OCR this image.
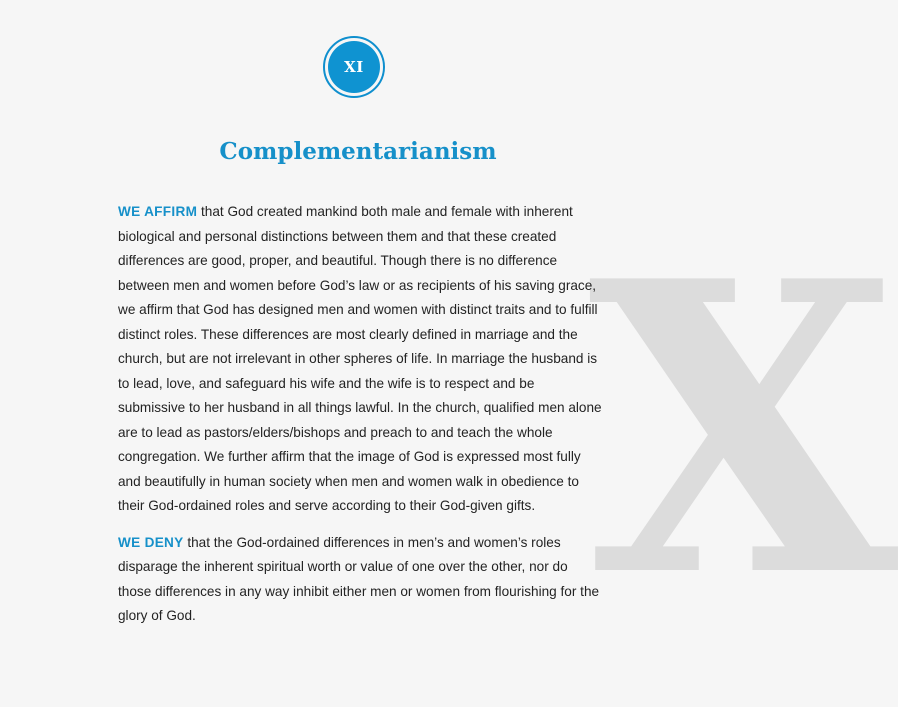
X
XI
Complementarianism

WE AFFIRM that God created mankind both male and female with inherent biological and personal distinctions between them and that these created differences are good, proper, and beautiful. Though there is no difference between men and women before God’s law or as recipients of his saving grace, we affirm that God has designed men and women with distinct traits and to fulfill distinct roles. These differences are most clearly defined in marriage and the church, but are not irrelevant in other spheres of life. In marriage the husband is to lead, love, and safeguard his wife and the wife is to respect and be submissive to her husband in all things lawful. In the church, qualified men alone are to lead as pastors/elders/bishops and preach to and teach the whole congregation. We further affirm that the image of God is expressed most fully and beautifully in human society when men and women walk in obedience to their God-ordained roles and serve according to their God-given gifts.

WE DENY that the God-ordained differences in men’s and women’s roles disparage the inherent spiritual worth or value of one over the other, nor do those differences in any way inhibit either men or women from flourishing for the glory of God.
